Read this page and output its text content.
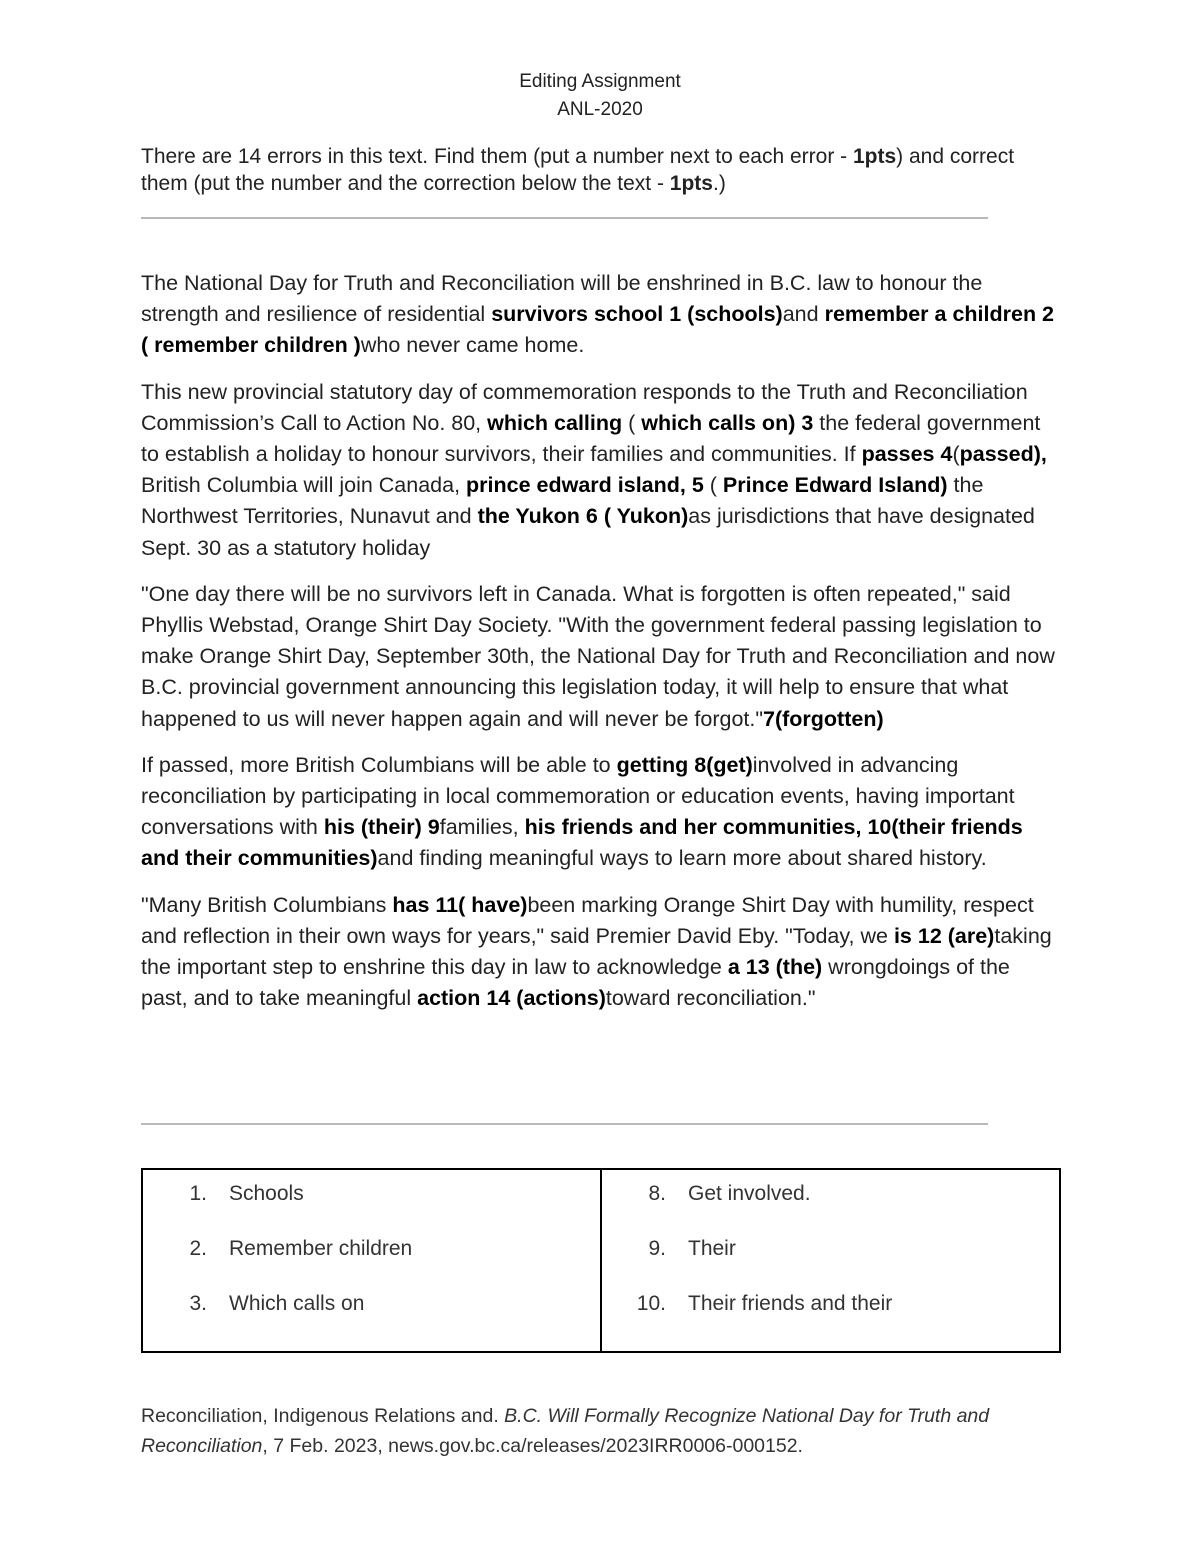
Editing Assignment
ANL-2020
There are 14 errors in this text. Find them (put a number next to each error - 1pts) and correct them (put the number and the correction below the text - 1pts.)

The National Day for Truth and Reconciliation will be enshrined in B.C. law to honour the strength and resilience of residential survivors school 1 (schools)and remember a children 2 ( remember children )who never came home.

This new provincial statutory day of commemoration responds to the Truth and Reconciliation Commission’s Call to Action No. 80, which calling ( which calls on) 3 the federal government to establish a holiday to honour survivors, their families and communities. If passes 4(passed), British Columbia will join Canada, prince edward island, 5 ( Prince Edward Island) the Northwest Territories, Nunavut and the Yukon 6 ( Yukon)as jurisdictions that have designated Sept. 30 as a statutory holiday

"One day there will be no survivors left in Canada. What is forgotten is often repeated," said Phyllis Webstad, Orange Shirt Day Society. "With the government federal passing legislation to make Orange Shirt Day, September 30th, the National Day for Truth and Reconciliation and now B.C. provincial government announcing this legislation today, it will help to ensure that what happened to us will never happen again and will never be forgot."7(forgotten)

If passed, more British Columbians will be able to getting 8(get)involved in advancing reconciliation by participating in local commemoration or education events, having important conversations with his (their) 9families, his friends and her communities, 10(their friends and their communities)and finding meaningful ways to learn more about shared history.

"Many British Columbians has 11( have)been marking Orange Shirt Day with humility, respect and reflection in their own ways for years," said Premier David Eby. "Today, we is 12 (are)taking the important step to enshrine this day in law to acknowledge a 13 (the) wrongdoings of the past, and to take meaningful action 14 (actions)toward reconciliation."

1.	Schools
2.	Remember children
3.	Which calls on
8.	Get involved.
9.	Their
10.	Their friends and their
Reconciliation, Indigenous Relations and. B.C. Will Formally Recognize National Day for Truth and Reconciliation, 7 Feb. 2023, news.gov.bc.ca/releases/2023IRR0006-000152.
